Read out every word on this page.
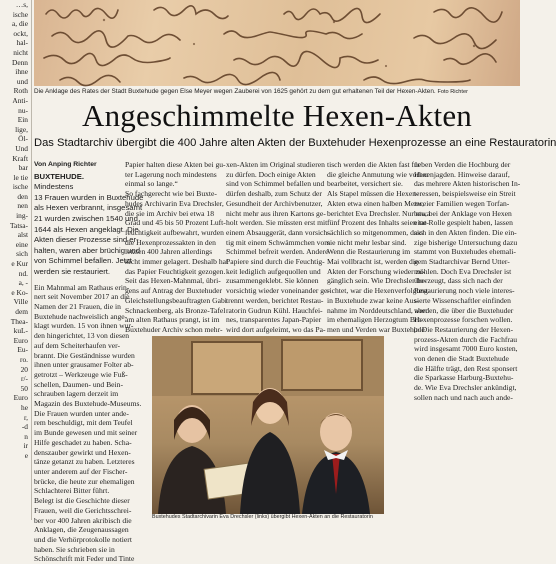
…s,
ische
a, die
ockt,
hal-
nicht
Denn
ihne
und
Roth
Anti-
nu-
Ein
lige,
Öl-
Und
Kraft
bar
le tie
ische
den
nen
ing-
Tatsa-
alst
eine
sich
e Kur
nd.
a, -
e Ko-
Ville
dem
Thea-
kuL-
Euro
Eu-
ro.
20
r/-
50
Euro
he
r,
-d
n
ir
e
Die Anklage des Rates der Stadt Buxtehude gegen Else Meyer wegen Zauberei von 1625 gehört zu dem gut erhaltenen Teil der Hexen-Akten. Foto Richter
Angeschimmelte Hexen-Akten
Das Stadtarchiv übergibt die 400 Jahre alten Akten der Buxtehuder Hexenprozesse an eine Restauratorin
Von Anping Richter
BUXTEHUDE. Mindestens
13 Frauen wurden in Buxtehude
als Hexen verbrannt, insgesamt
21 wurden zwischen 1540 und
1644 als Hexen angeklagt. Die
Akten dieser Prozesse sind er-
halten, waren aber brüchig und
von Schimmel befallen. Jetzt
werden sie restauriert.
Ein Mahnmal am Rathaus erin-
nert seit November 2017 an die
Namen der 21 Frauen, die in
Buxtehude nachweislich ange-
klagt wurden. 15 von ihnen wur-
den hingerichtet, 13 von diesen
auf dem Scheiterhaufen ver-
brannt. Die Geständnisse wurden
ihnen unter grausamer Folter ab-
getrotzt – Werkzeuge wie Fuß-
schellen, Daumen- und Bein-
schrauben lagern derzeit im
Magazin des Buxtehude-Museums.
Die Frauen wurden unter ande-
rem beschuldigt, mit dem Teufel
im Bunde gewesen und mit seiner
Hilfe geschadet zu haben. Scha-
denszauber gewirkt und Hexen-
tänze getanzt zu haben. Letzteres
unter anderem auf der Fischer-
brücke, die heute zur ehemaligen
Schlachterei Bitter führt.
Belegt ist die Geschichte dieser
Frauen, weil die Gerichtsschrei-
ber vor 400 Jahren akribisch die
Anklagen, die Zeugenaussagen
und die Verhörprotokolle notiert
haben. Sie schrieben sie in
Schönschrift mit Feder und Tinte
Papier halten diese Akten bei gu-
ter Lagerung noch mindestens
einmal so lange.“
So fachgerecht wie bei Buxte-
hudes Archivarin Eva Drechsler,
die sie im Archiv bei etwa 18
Grad und 45 bis 50 Prozent Luft-
feuchtigkeit aufbewahrt, wurden
die Hexenprozessakten in den
letzten 400 Jahren allerdings
nicht immer gelagert. Deshalb hat
das Papier Feuchtigkeit gezogen.
Seit das Hexen-Mahnmal, übri-
gens auf Antrag der Buxtehuder
Gleichstellungsbeauftragten Gabi
Schnackenberg, als Bronze-Tafel
am alten Rathaus prangt, ist im
Buxtehuder Archiv schon mehr-
xen-Akten im Original studieren
zu dürfen. Doch einige Akten
sind von Schimmel befallen und
dürfen deshalb, zum Schutz der
Gesundheit der Archivbenutzer,
nicht mehr aus ihren Kartons ge-
holt werden. Sie müssten erst mit
einem Absauggerät, dann vorsich-
tig mit einem Schwämmchen vom
Schimmel befreit werden. Andere
Papiere sind durch die Feuchtig-
keit lediglich aufgequollen und
zusammengeklebt. Sie können
vorsichtig wieder voneinander ge-
trennt werden, berichtet Restau-
ratorin Gudrun Kühl. Hauchfei-
nes, transparentes Japan-Papier
wird dort aufgeleimt, wo das Pa-
tisch werden die Akten fast für
die gleiche Anmutung wie vorher
bearbeitet, versichert sie.
Als Stapel müssen die Hexen-
Akten etwa einen halben Meter,
berichtet Eva Drechsler. Nur etwa
fünf Prozent des Inhalts seien tat-
sächlich so mitgenommen, dass
sie nicht mehr lesbar sind.
Wenn die Restaurierung im
Mai vollbracht ist, werden die
Akten der Forschung wieder zu-
gänglich sein. Wie Drechsler be-
richtet, war die Hexenverfolgung
in Buxtehude zwar keine Aus-
nahme im Norddeutschland, aber
im ehemaligen Herzogtum Bre-
men und Verden war Buxtehude
neben Verden die Hochburg der
Hexenjagden. Hinweise darauf,
das mehrere Akten historischen In-
teressen, beispielsweise ein Streit
zweier Familien wegen Torfan-
bau, bei der Anklage von Hexen
eine Rolle gespielt haben, lassen
sich in den Akten finden. Die ein-
zige bisherige Untersuchung dazu
stammt von Buxtehudes ehemali-
gem Stadtarchivar Bernd Utter-
möhlen. Doch Eva Drechsler ist
überzeugt, dass sich nach der
Restaurierung noch viele interes-
sierte Wissenschaftler einfinden
werden, die über die Buxtehuder
Hexenprozesse forschen wollen.
▷ Die Restaurierung der Hexen-
prozess-Akten durch die Fachfrau
wird insgesamt 7000 Euro kosten,
von denen die Stadt Buxtehude
die Hälfte trägt, den Rest sponsert
die Sparkasse Harburg-Buxtehu-
de. Wie Eva Drechsler ankündigt,
sollen nach und nach auch ande-
Buxtehudes Stadtarchivarin Eva Drechsler (links) übergibt Hexen-Akten an die Restauratorin
